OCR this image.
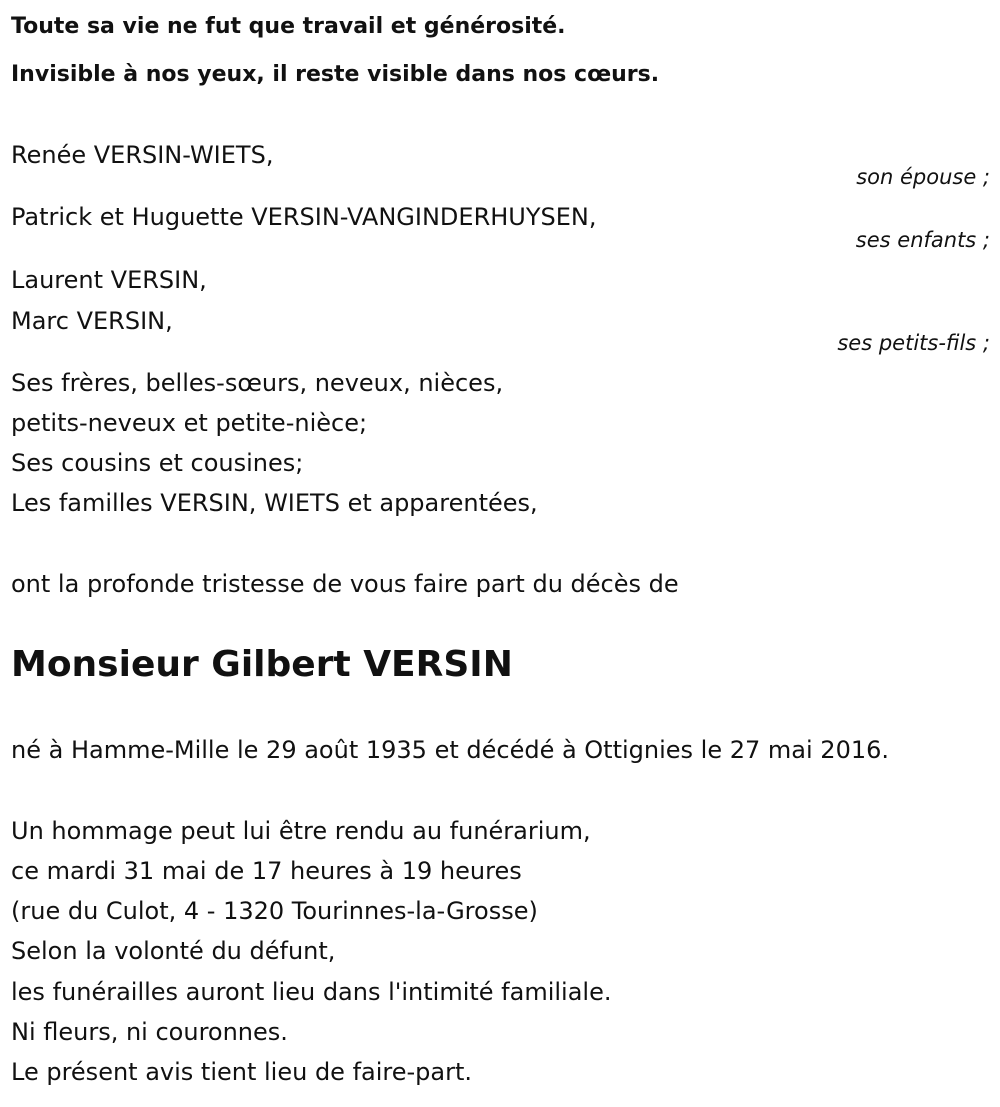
Toute sa vie ne fut que travail et générosité.
Invisible à nos yeux, il reste visible dans nos cœurs.
Renée VERSIN-WIETS,
son épouse ;
Patrick et Huguette VERSIN-VANGINDERHUYSEN,
ses enfants ;
Laurent VERSIN,
Marc VERSIN,
ses petits-fils ;
Ses frères, belles-sœurs, neveux, nièces,
petits-neveux et petite-nièce;
Ses cousins et cousines;
Les familles VERSIN, WIETS et apparentées,
ont la profonde tristesse de vous faire part du décès de
Monsieur Gilbert VERSIN
né à Hamme-Mille le 29 août 1935 et décédé à Ottignies le 27 mai 2016.
Un hommage peut lui être rendu au funérarium,
ce mardi 31 mai de 17 heures à 19 heures
(rue du Culot, 4 - 1320 Tourinnes-la-Grosse)
Selon la volonté du défunt,
les funérailles auront lieu dans l'intimité familiale.
Ni fleurs, ni couronnes.
Le présent avis tient lieu de faire-part.
